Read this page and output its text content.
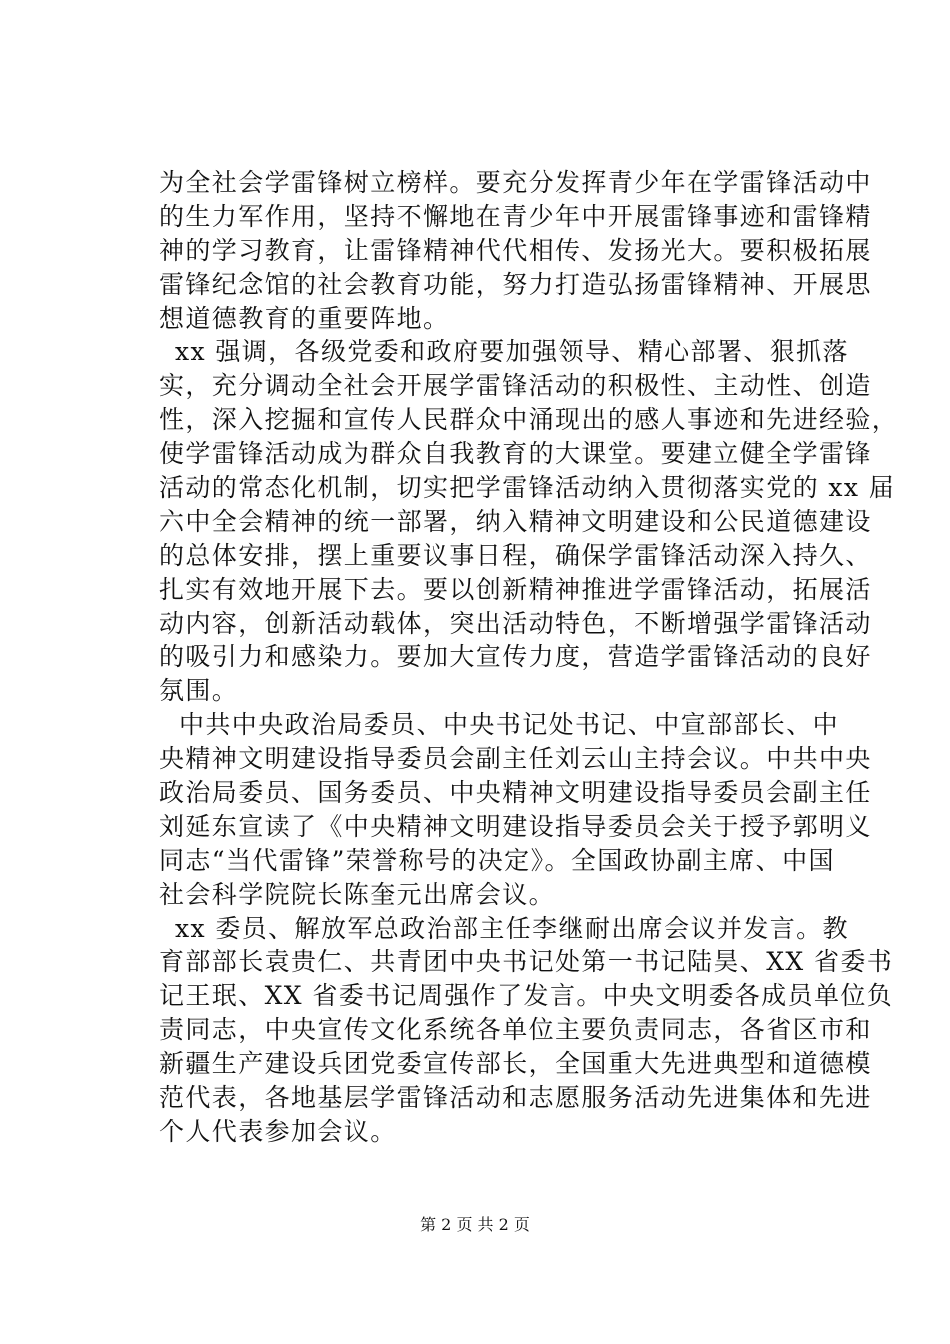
为全社会学雷锋树立榜样。要充分发挥青少年在学雷锋活动中
的生力军作用，坚持不懈地在青少年中开展雷锋事迹和雷锋精
神的学习教育，让雷锋精神代代相传、发扬光大。要积极拓展
雷锋纪念馆的社会教育功能，努力打造弘扬雷锋精神、开展思
想道德教育的重要阵地。
xx 强调，各级党委和政府要加强领导、精心部署、狠抓落
实，充分调动全社会开展学雷锋活动的积极性、主动性、创造
性，深入挖掘和宣传人民群众中涌现出的感人事迹和先进经验，
使学雷锋活动成为群众自我教育的大课堂。要建立健全学雷锋
活动的常态化机制，切实把学雷锋活动纳入贯彻落实党的 xx 届
六中全会精神的统一部署，纳入精神文明建设和公民道德建设
的总体安排，摆上重要议事日程，确保学雷锋活动深入持久、
扎实有效地开展下去。要以创新精神推进学雷锋活动，拓展活
动内容，创新活动载体，突出活动特色，不断增强学雷锋活动
的吸引力和感染力。要加大宣传力度，营造学雷锋活动的良好
氛围。
中共中央政治局委员、中央书记处书记、中宣部部长、中
央精神文明建设指导委员会副主任刘云山主持会议。中共中央
政治局委员、国务委员、中央精神文明建设指导委员会副主任
刘延东宣读了《中央精神文明建设指导委员会关于授予郭明义
同志“当代雷锋”荣誉称号的决定》。全国政协副主席、中国
社会科学院院长陈奎元出席会议。
xx 委员、解放军总政治部主任李继耐出席会议并发言。教
育部部长袁贵仁、共青团中央书记处第一书记陆昊、XX 省委书
记王珉、XX 省委书记周强作了发言。中央文明委各成员单位负
责同志，中央宣传文化系统各单位主要负责同志，各省区市和
新疆生产建设兵团党委宣传部长，全国重大先进典型和道德模
范代表，各地基层学雷锋活动和志愿服务活动先进集体和先进
个人代表参加会议。
第 2 页 共 2 页
